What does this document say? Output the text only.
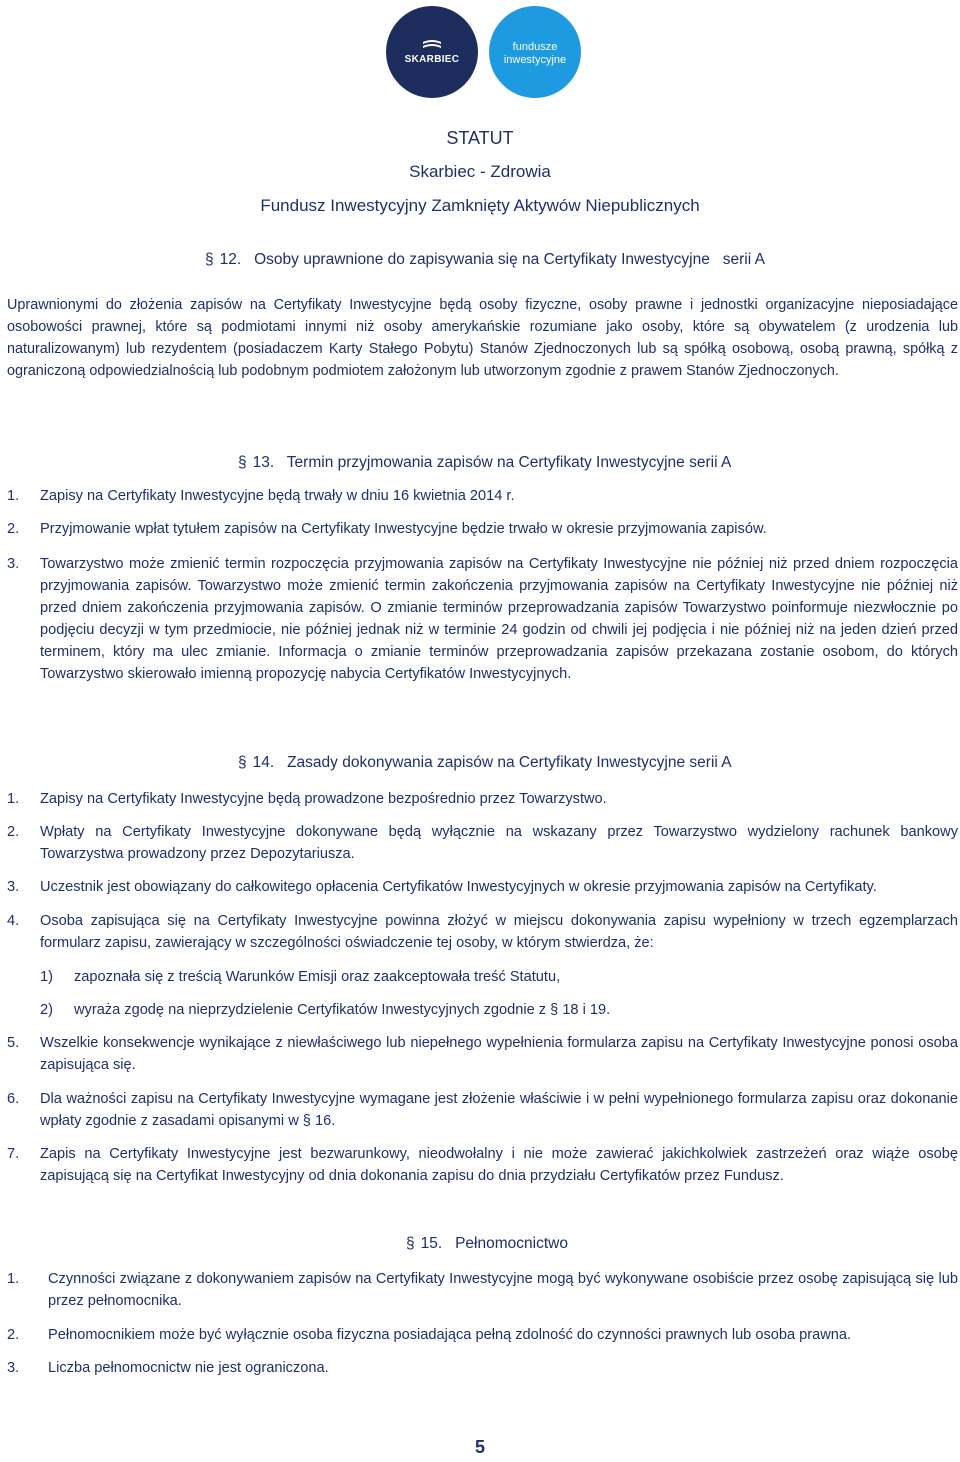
SKARBIEC
fundusze
inwestycyjne
STATUT
Skarbiec - Zdrowia
Fundusz Inwestycyjny Zamknięty Aktywów Niepublicznych
§ 12.   Osoby uprawnione do zapisywania się na Certyfikaty Inwestycyjne   serii A
Uprawnionymi do złożenia zapisów na Certyfikaty Inwestycyjne będą osoby fizyczne, osoby prawne i jednostki organizacyjne nieposiadające osobowości prawnej, które są podmiotami innymi niż osoby amerykańskie rozumiane jako osoby, które są obywatelem (z urodzenia lub naturalizowanym) lub rezydentem (posiadaczem Karty Stałego Pobytu) Stanów Zjednoczonych lub są spółką osobową, osobą prawną, spółką z ograniczoną odpowiedzialnością lub podobnym podmiotem założonym lub utworzonym zgodnie z prawem Stanów Zjednoczonych.
§ 13.   Termin przyjmowania zapisów na Certyfikaty Inwestycyjne serii A
1. Zapisy na Certyfikaty Inwestycyjne będą trwały w dniu 16 kwietnia 2014 r.
2. Przyjmowanie wpłat tytułem zapisów na Certyfikaty Inwestycyjne będzie trwało w okresie przyjmowania zapisów.
3. Towarzystwo może zmienić termin rozpoczęcia przyjmowania zapisów na Certyfikaty Inwestycyjne nie później niż przed dniem rozpoczęcia przyjmowania zapisów. Towarzystwo może zmienić termin zakończenia przyjmowania zapisów na Certyfikaty Inwestycyjne nie później niż przed dniem zakończenia przyjmowania zapisów. O zmianie terminów przeprowadzania zapisów Towarzystwo poinformuje niezwłocznie po podjęciu decyzji w tym przedmiocie, nie później jednak niż w terminie 24 godzin od chwili jej podjęcia i nie później niż na jeden dzień przed terminem, który ma ulec zmianie. Informacja o zmianie terminów przeprowadzania zapisów przekazana zostanie osobom, do których Towarzystwo skierowało imienną propozycję nabycia Certyfikatów Inwestycyjnych.
§ 14.   Zasady dokonywania zapisów na Certyfikaty Inwestycyjne serii A
1. Zapisy na Certyfikaty Inwestycyjne będą prowadzone bezpośrednio przez Towarzystwo.
2. Wpłaty na Certyfikaty Inwestycyjne dokonywane będą wyłącznie na wskazany przez Towarzystwo wydzielony rachunek bankowy Towarzystwa prowadzony przez Depozytariusza.
3. Uczestnik jest obowiązany do całkowitego opłacenia Certyfikatów Inwestycyjnych w okresie przyjmowania zapisów na Certyfikaty.
4. Osoba zapisująca się na Certyfikaty Inwestycyjne powinna złożyć w miejscu dokonywania zapisu wypełniony w trzech egzemplarzach formularz zapisu, zawierający w szczególności oświadczenie tej osoby, w którym stwierdza, że:
1) zapoznała się z treścią Warunków Emisji oraz zaakceptowała treść Statutu,
2) wyraża zgodę na nieprzydzielenie Certyfikatów Inwestycyjnych zgodnie z § 18 i 19.
5. Wszelkie konsekwencje wynikające z niewłaściwego lub niepełnego wypełnienia formularza zapisu na Certyfikaty Inwestycyjne ponosi osoba zapisująca się.
6. Dla ważności zapisu na Certyfikaty Inwestycyjne wymagane jest złożenie właściwie i w pełni wypełnionego formularza zapisu oraz dokonanie wpłaty zgodnie z zasadami opisanymi w § 16.
7. Zapis na Certyfikaty Inwestycyjne jest bezwarunkowy, nieodwołalny i nie może zawierać jakichkolwiek zastrzeżeń oraz wiąże osobę zapisującą się na Certyfikat Inwestycyjny od dnia dokonania zapisu do dnia przydziału Certyfikatów przez Fundusz.
§ 15.   Pełnomocnictwo
1. Czynności związane z dokonywaniem zapisów na Certyfikaty Inwestycyjne mogą być wykonywane osobiście przez osobę zapisującą się lub przez pełnomocnika.
2. Pełnomocnikiem może być wyłącznie osoba fizyczna posiadająca pełną zdolność do czynności prawnych lub osoba prawna.
3. Liczba pełnomocnictw nie jest ograniczona.
5
